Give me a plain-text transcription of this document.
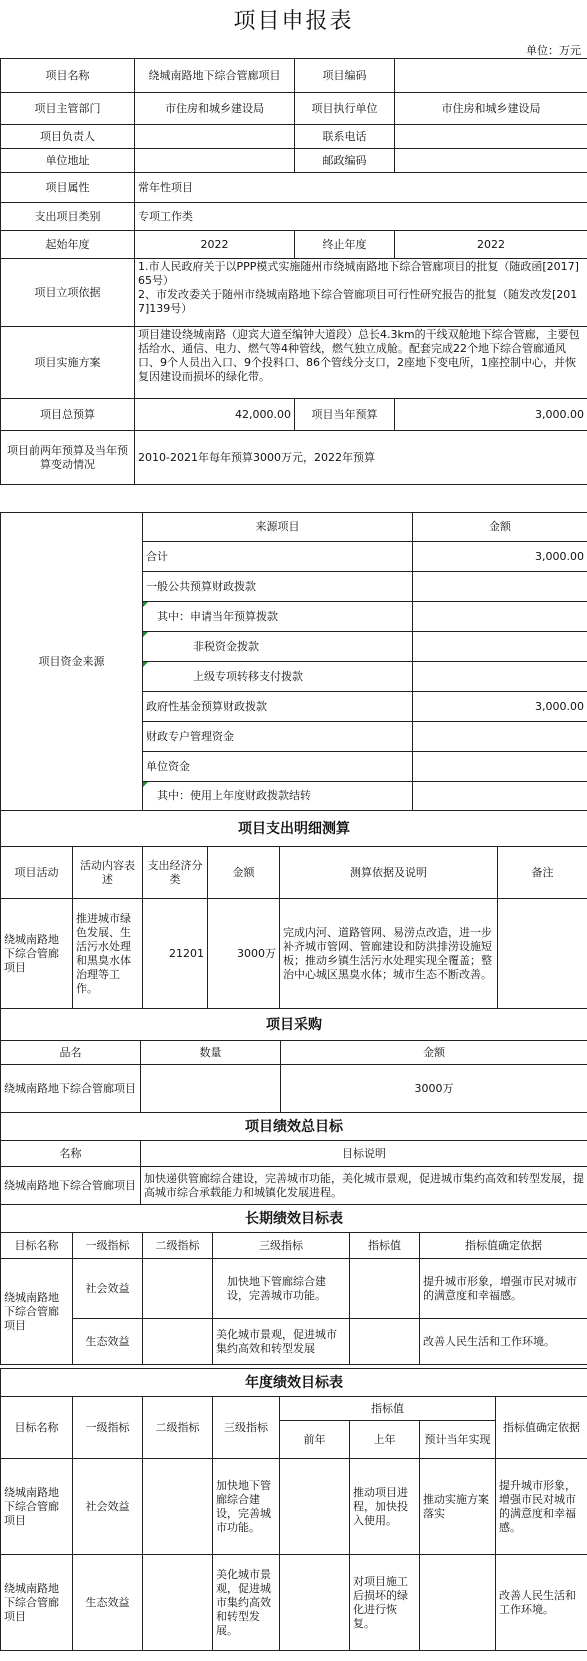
项目申报表
单位：万元
项目名称	绕城南路地下综合管廊项目	项目编码	
项目主管部门	市住房和城乡建设局	项目执行单位	市住房和城乡建设局
项目负责人		联系电话	
单位地址		邮政编码	
项目属性	常年性项目		
支出项目类别	专项工作类		
起始年度	2022	终止年度	2022
项目立项依据	1.市人民政府关于以PPP模式实施随州市绕城南路地下综合管廊项目的批复（随政函[2017]65号）
2、市发改委关于随州市绕城南路地下综合管廊项目可行性研究报告的批复（随发改发[2017]139号）		
项目实施方案	项目建设绕城南路（迎宾大道至编钟大道段）总长4.3km的干线双舱地下综合管廊，主要包括给水、通信、电力、燃气等4种管线，燃气独立成舱。配套完成22个地下综合管廊通风口、9个人员出入口、9个投料口、86个管线分支口，2座地下变电所，1座控制中心，并恢复因建设而损坏的绿化带。		
项目总预算	42,000.00	项目当年预算	3,000.00
项目前两年预算及当年预算变动情况	2010-2021年每年预算3000万元，2022年预算		
项目资金来源	来源项目	金额
	合计	3,000.00
	一般公共预算财政拨款	
	其中：申请当年预算拨款	
	非税资金拨款	
	上级专项转移支付拨款	
	政府性基金预算财政拨款	3,000.00
	财政专户管理资金	
	单位资金	
	其中：使用上年度财政拨款结转	
项目支出明细测算					
项目活动	活动内容表述	支出经济分类	金额	测算依据及说明	备注
绕城南路地下综合管廊项目	推进城市绿色发展、生活污水处理和黑臭水体治理等工作。	21201	3000万	完成内河、道路管网、易涝点改造，进一步补齐城市管网、管廊建设和防洪排涝设施短板；推动乡镇生活污水处理实现全覆盖；整治中心城区黑臭水体；城市生态不断改善。	
项目采购		
品名	数量	金额
绕城南路地下综合管廊项目		3000万
项目绩效总目标	
名称	目标说明
绕城南路地下综合管廊项目	加快递供管廊综合建设，完善城市功能，美化城市景观，促进城市集约高效和转型发展，提高城市综合承载能力和城镇化发展进程。
长期绩效目标表					
目标名称	一级指标	二级指标	三级指标	指标值	指标值确定依据
绕城南路地下综合管廊项目	社会效益		加快地下管廊综合建设，完善城市功能。		提升城市形象，增强市民对城市的满意度和幸福感。
	生态效益		美化城市景观，促进城市集约高效和转型发展		改善人民生活和工作环境。
年度绩效目标表							
目标名称	一级指标	二级指标	三级指标	指标值			指标值确定依据
				前年	上年	预计当年实现	
绕城南路地下综合管廊项目	社会效益		加快地下管廊综合建设，完善城市功能。		推动项目进程，加快投入使用。	推动实施方案落实	提升城市形象，增强市民对城市的满意度和幸福感。
绕城南路地下综合管廊项目	生态效益		美化城市景观，促进城市集约高效和转型发展。		对项目施工后损坏的绿化进行恢复。		改善人民生活和工作环境。
